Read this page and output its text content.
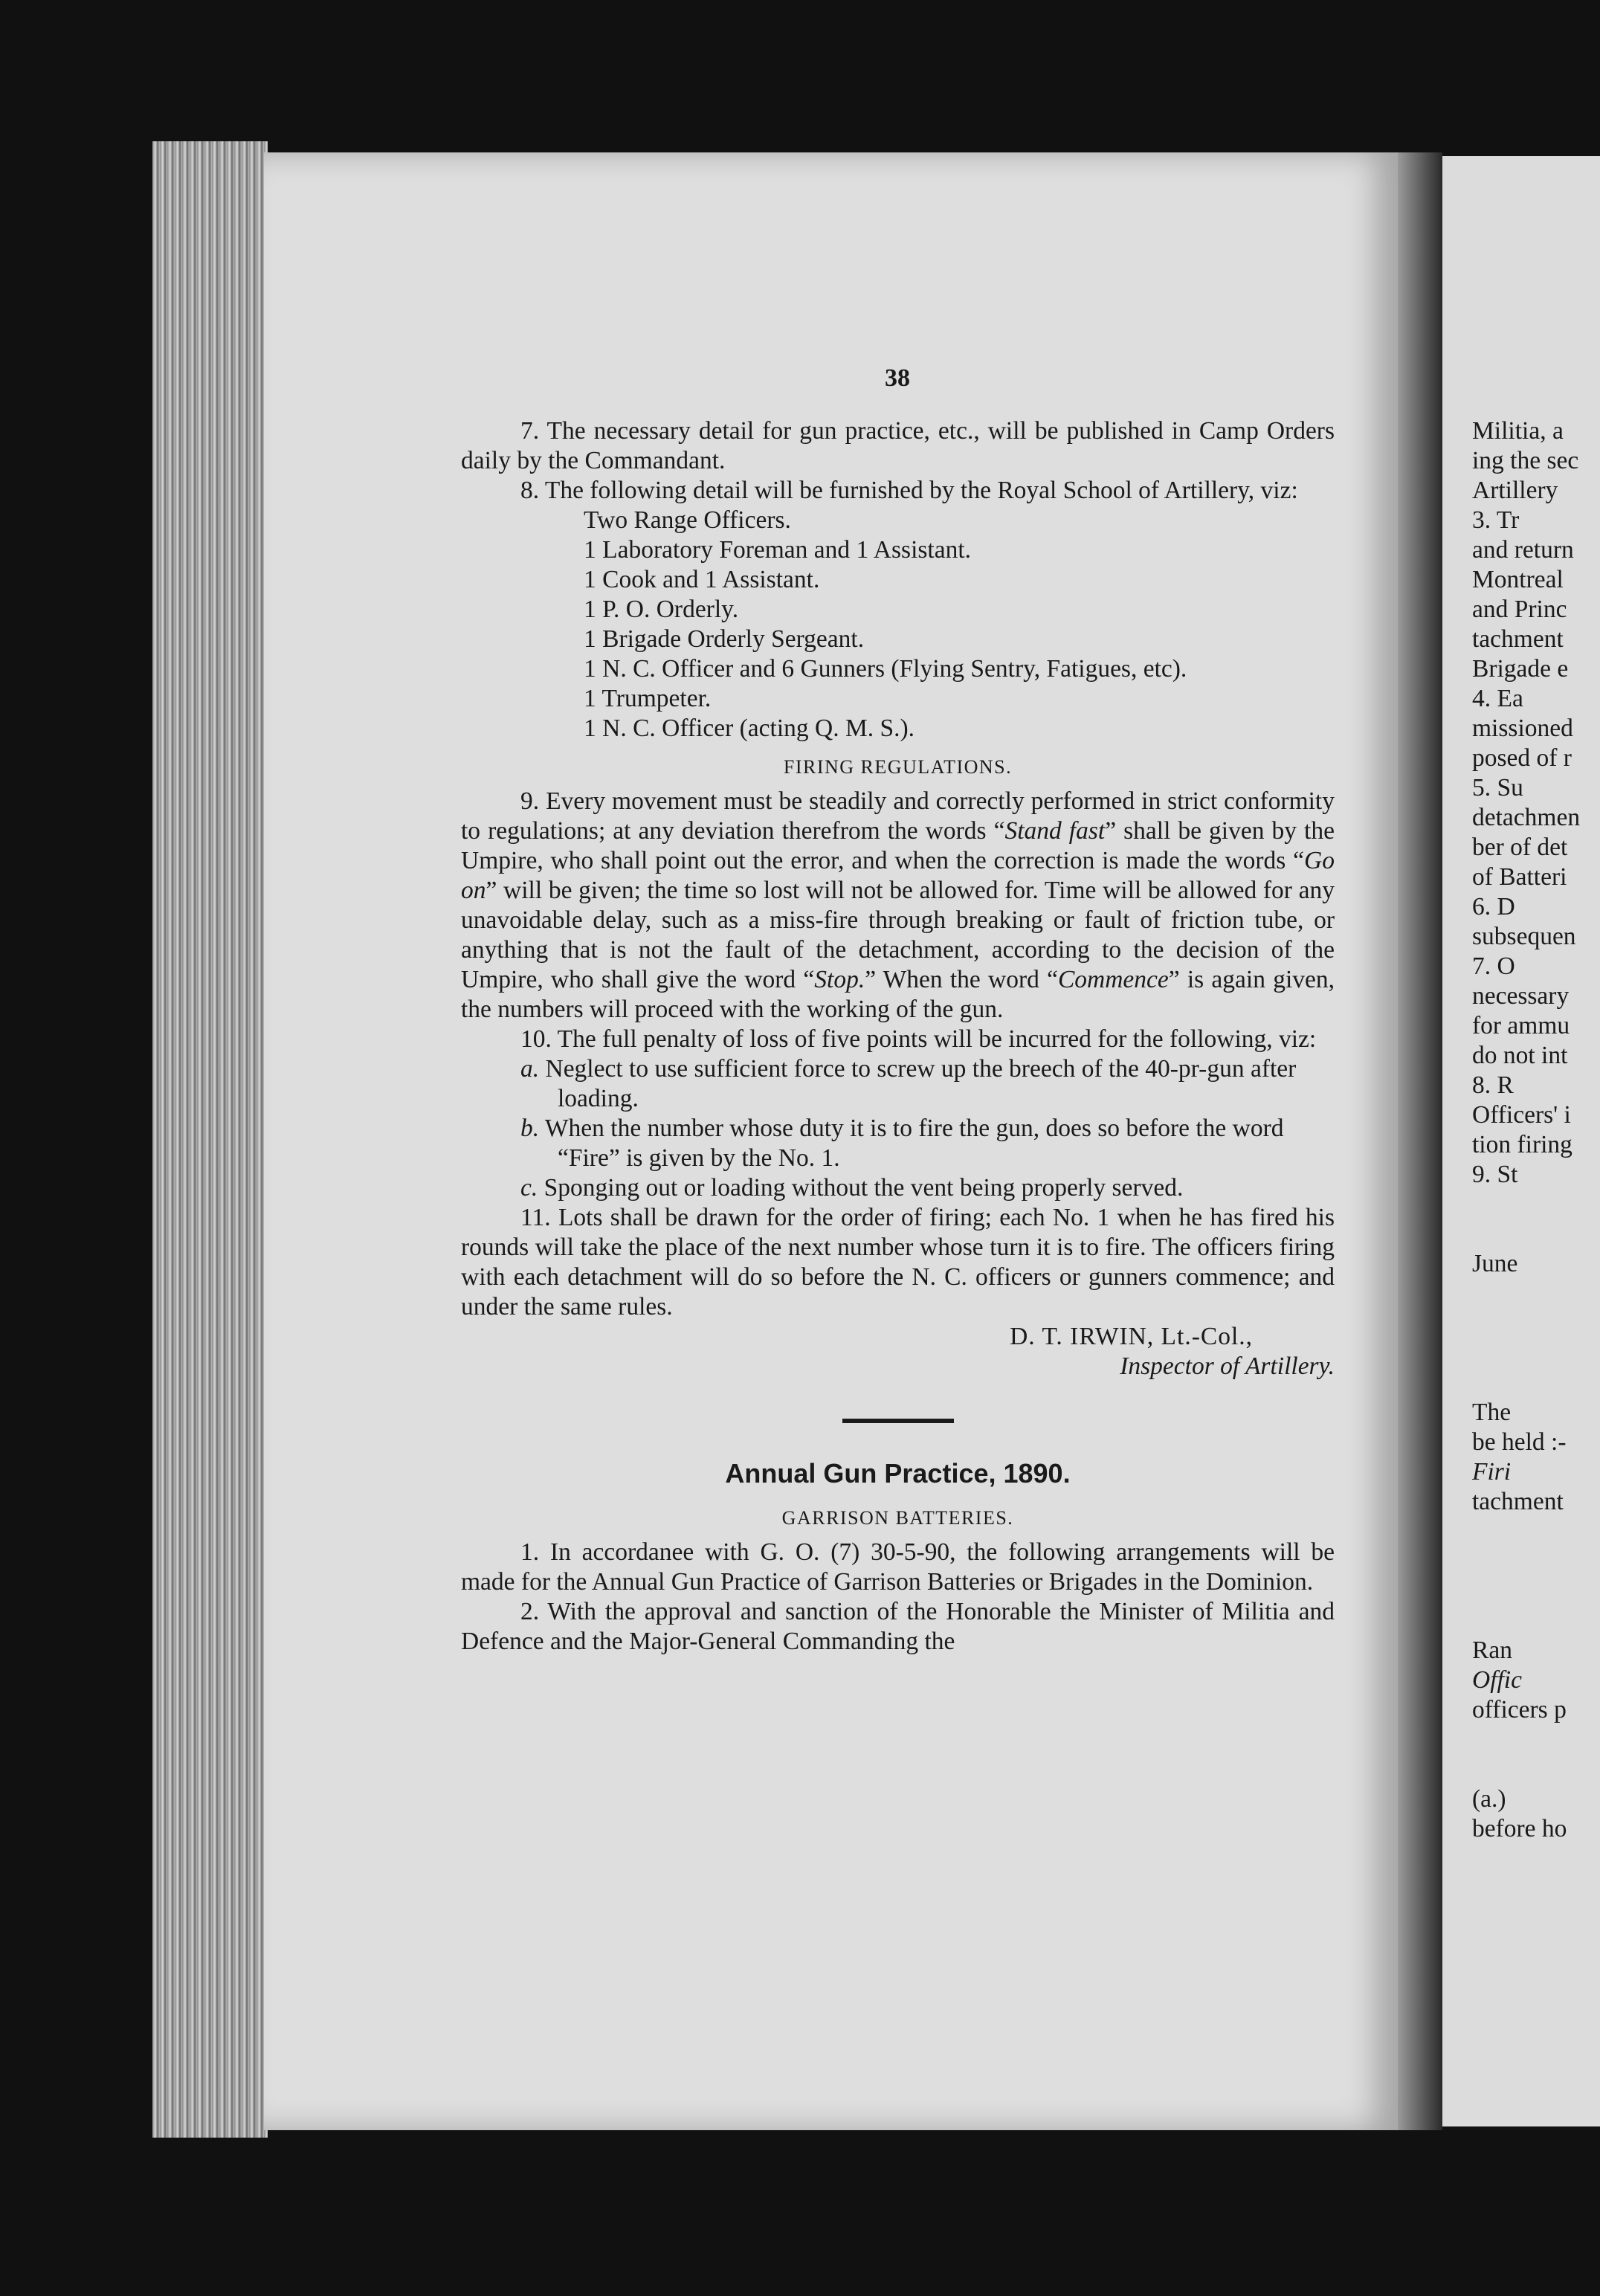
Militia, a
ing the sec
Artillery
3. Tr
and return
Montreal
and Princ
tachment
Brigade e
4. Ea
missioned
posed of r
5. Su
detachmen
ber of det
of Batteri
6. D
subsequen
7. O
necessary
for ammu
do not int
8. R
Officers' i
tion firing
9. St
June
The
be held :-
Firi
tachment
Ran
Offic
officers p
(a.)
before ho
38

7. The necessary detail for gun practice, etc., will be published in Camp Orders daily by the Commandant.

8. The following detail will be furnished by the Royal School of Artillery, viz:

Two Range Officers.
1 Laboratory Foreman and 1 Assistant.
1 Cook and 1 Assistant.
1 P. O. Orderly.
1 Brigade Orderly Sergeant.
1 N. C. Officer and 6 Gunners (Flying Sentry, Fatigues, etc).
1 Trumpeter.
1 N. C. Officer (acting Q. M. S.).
FIRING REGULATIONS.

9. Every movement must be steadily and correctly performed in strict conformity to regulations; at any deviation therefrom the words “Stand fast” shall be given by the Umpire, who shall point out the error, and when the correction is made the words “Go on” will be given; the time so lost will not be allowed for. Time will be allowed for any unavoidable delay, such as a miss-fire through breaking or fault of friction tube, or anything that is not the fault of the detachment, according to the decision of the Umpire, who shall give the word “Stop.” When the word “Commence” is again given, the numbers will proceed with the working of the gun.

10. The full penalty of loss of five points will be incurred for the following, viz:

a. Neglect to use sufficient force to screw up the breech of the 40-pr-gun after loading.

b. When the number whose duty it is to fire the gun, does so before the word “Fire” is given by the No. 1.

c. Sponging out or loading without the vent being properly served.

11. Lots shall be drawn for the order of firing; each No. 1 when he has fired his rounds will take the place of the next number whose turn it is to fire. The officers firing with each detachment will do so before the N. C. officers or gunners commence; and under the same rules.

D. T. IRWIN, Lt.-Col.,

Inspector of Artillery.

Annual Gun Practice, 1890.
GARRISON BATTERIES.

1. In accordanee with G. O. (7) 30-5-90, the following arrangements will be made for the Annual Gun Practice of Garrison Batteries or Brigades in the Dominion.

2. With the approval and sanction of the Honorable the Minister of Militia and Defence and the Major-General Commanding the
